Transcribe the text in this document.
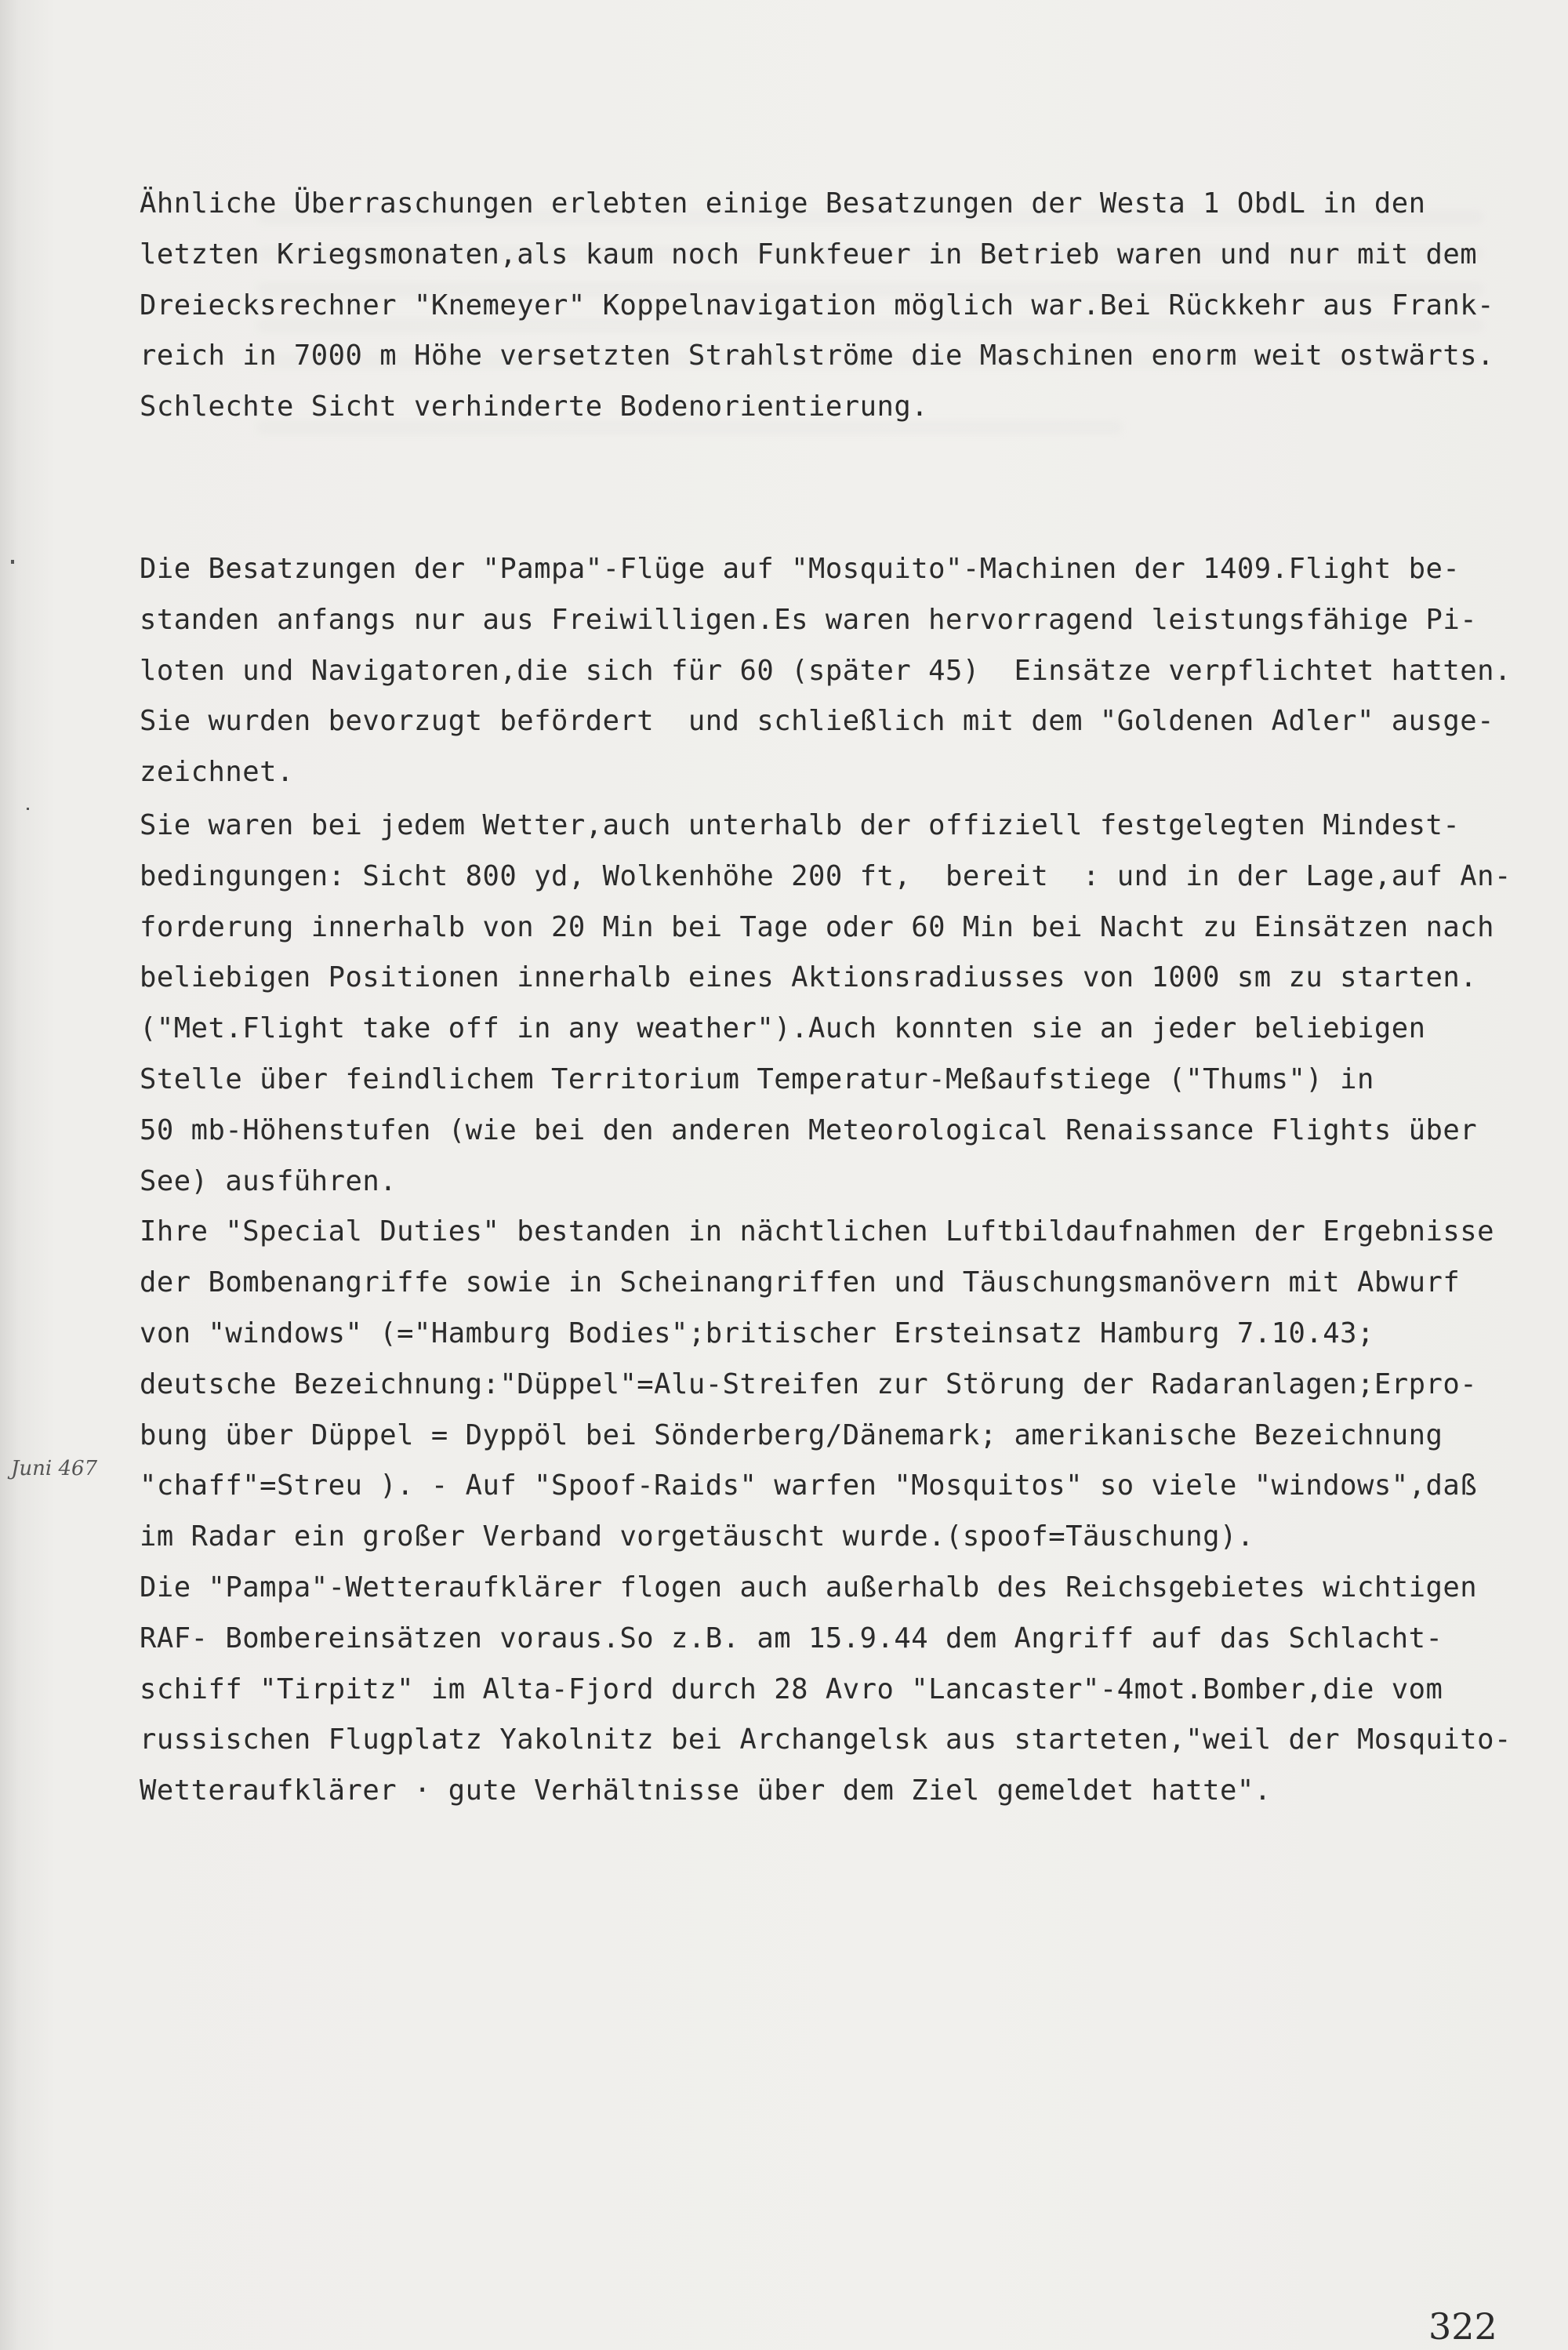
Ähnliche Überraschungen erlebten einige Besatzungen der Westa 1 ObdL in den
letzten Kriegsmonaten,als kaum noch Funkfeuer in Betrieb waren und nur mit dem
Dreiecksrechner "Knemeyer" Koppelnavigation möglich war.Bei Rückkehr aus Frank-
reich in 7000 m Höhe versetzten Strahlströme die Maschinen enorm weit ostwärts.
Schlechte Sicht verhinderte Bodenorientierung.
Die Besatzungen der "Pampa"-Flüge auf "Mosquito"-Machinen der 1409.Flight be-
standen anfangs nur aus Freiwilligen.Es waren hervorragend leistungsfähige Pi-
loten und Navigatoren,die sich für 60 (später 45)  Einsätze verpflichtet hatten.
Sie wurden bevorzugt befördert  und schließlich mit dem "Goldenen Adler" ausge-
zeichnet.
Sie waren bei jedem Wetter,auch unterhalb der offiziell festgelegten Mindest-
bedingungen: Sicht 800 yd, Wolkenhöhe 200 ft,  bereit  : und in der Lage,auf An-
forderung innerhalb von 20 Min bei Tage oder 60 Min bei Nacht zu Einsätzen nach
beliebigen Positionen innerhalb eines Aktionsradiusses von 1000 sm zu starten.
("Met.Flight take off in any weather").Auch konnten sie an jeder beliebigen
Stelle über feindlichem Territorium Temperatur-Meßaufstiege ("Thums") in
50 mb-Höhenstufen (wie bei den anderen Meteorological Renaissance Flights über
See) ausführen.
Ihre "Special Duties" bestanden in nächtlichen Luftbildaufnahmen der Ergebnisse
der Bombenangriffe sowie in Scheinangriffen und Täuschungsmanövern mit Abwurf
von "windows" (="Hamburg Bodies";britischer Ersteinsatz Hamburg 7.10.43;
deutsche Bezeichnung:"Düppel"=Alu-Streifen zur Störung der Radaranlagen;Erpro-
bung über Düppel = Dyppöl bei Sönderberg/Dänemark; amerikanische Bezeichnung
"chaff"=Streu ). - Auf "Spoof-Raids" warfen "Mosquitos" so viele "windows",daß
im Radar ein großer Verband vorgetäuscht wurde.(spoof=Täuschung).
Die "Pampa"-Wetteraufklärer flogen auch außerhalb des Reichsgebietes wichtigen
RAF- Bombereinsätzen voraus.So z.B. am 15.9.44 dem Angriff auf das Schlacht-
schiff "Tirpitz" im Alta-Fjord durch 28 Avro "Lancaster"-4mot.Bomber,die vom
russischen Flugplatz Yakolnitz bei Archangelsk aus starteten,"weil der Mosquito-
Wetteraufklärer · gute Verhältnisse über dem Ziel gemeldet hatte".
Juni 467
322
